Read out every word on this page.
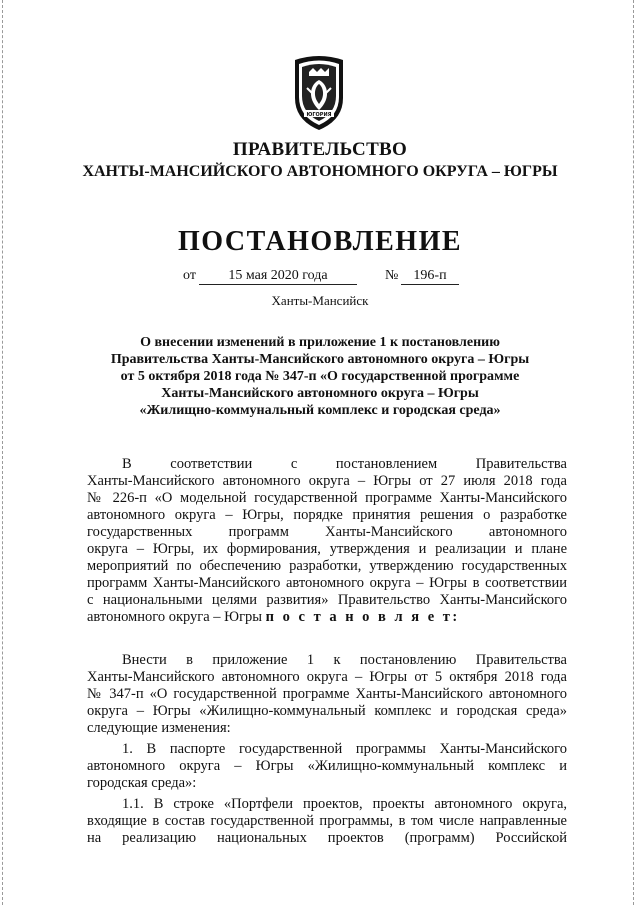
ЮГОРИЯ
ПРАВИТЕЛЬСТВО
ХАНТЫ-МАНСИЙСКОГО АВТОНОМНОГО ОКРУГА – ЮГРЫ
ПОСТАНОВЛЕНИЕ
от	15 мая 2020 года	№	196-п
Ханты-Мансийск
О внесении изменений в приложение 1 к постановлению
Правительства Ханты-Мансийского автономного округа – Югры
от 5 октября 2018 года № 347-п «О государственной программе
Ханты-Мансийского автономного округа – Югры
«Жилищно-коммунальный комплекс и городская среда»
В соответствии с постановлением Правительства
Ханты-Мансийского автономного округа – Югры от 27 июля 2018 года
№ 226-п «О модельной государственной программе Ханты-Мансийского
автономного округа – Югры, порядке принятия решения о разработке
государственных программ Ханты-Мансийского автономного
округа – Югры, их формирования, утверждения и реализации и плане
мероприятий по обеспечению разработки, утверждению государственных
программ Ханты-Мансийского автономного округа – Югры в соответствии
с национальными целями развития» Правительство Ханты-Мансийского
автономного округа – Югры п о с т а н о в л я е т:
Внести в приложение 1 к постановлению Правительства
Ханты-Мансийского автономного округа – Югры от 5 октября 2018 года
№ 347-п «О государственной программе Ханты-Мансийского автономного
округа – Югры «Жилищно-коммунальный комплекс и городская среда»
следующие изменения:
1. В паспорте государственной программы Ханты-Мансийского
автономного округа – Югры «Жилищно-коммунальный комплекс и
городская среда»:
1.1. В строке «Портфели проектов, проекты автономного округа,
входящие в состав государственной программы, в том числе направленные
на реализацию национальных проектов (программ) Российской
